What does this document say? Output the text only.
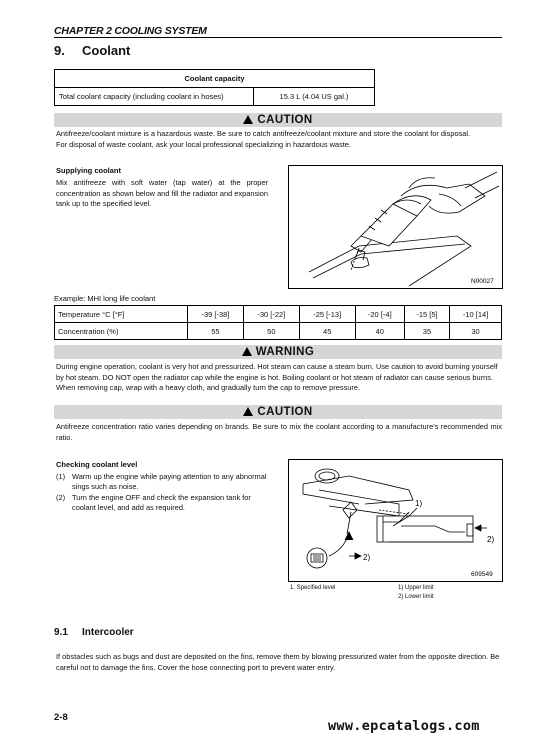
CHAPTER 2 COOLING SYSTEM
9. Coolant
Coolant capacity
Total coolant capacity (including coolant in hoses)	15.3 L (4.04 US gal.)
CAUTION
Antifreeze/coolant mixture is a hazardous waste. Be sure to catch antifreeze/coolant mixture and store the coolant for disposal.
For disposal of waste coolant, ask your local professional specializing in hazardous waste.
Supplying coolant
Mix antifreeze with soft water (tap water) at the proper concentration as shown below and fill the radiator and expansion tank up to the specified level.
N00027
Example: MHI long life coolant
Temperature °C [°F]	-39 [-38]	-30 [-22]	-25 [-13]	-20 [-4]	-15 [5]	-10 [14]
Concentration (%)	55	50	45	40	35	30
WARNING
During engine operation, coolant is very hot and pressurized. Hot steam can cause a steam burn. Use caution to avoid burning yourself by hot steam. DO NOT open the radiator cap while the engine is hot. Boiling coolant or hot steam of radiator can cause serious burns. When removing cap, wrap with a heavy cloth, and gradually turn the cap to remove pressure.
CAUTION
Antifreeze concentration ratio varies depending on brands. Be sure to mix the coolant according to a manufacture's recommended mix ratio.
Checking coolant level
(1) Warm up the engine while paying attention to any abnormal sings such as noise.
(2) Turn the engine OFF and check the expansion tank for coolant level, and add as required.	1)
2)
2)
609549
1. Specified level	1) Upper limit
2) Lower limit
9.1 Intercooler
If obstacles such as bugs and dust are deposited on the fins, remove them by blowing pressurized water from the opposite direction. Be careful not to damage the fins. Cover the hose connecting port to prevent water entry.
2-8
www.epcatalogs.com
